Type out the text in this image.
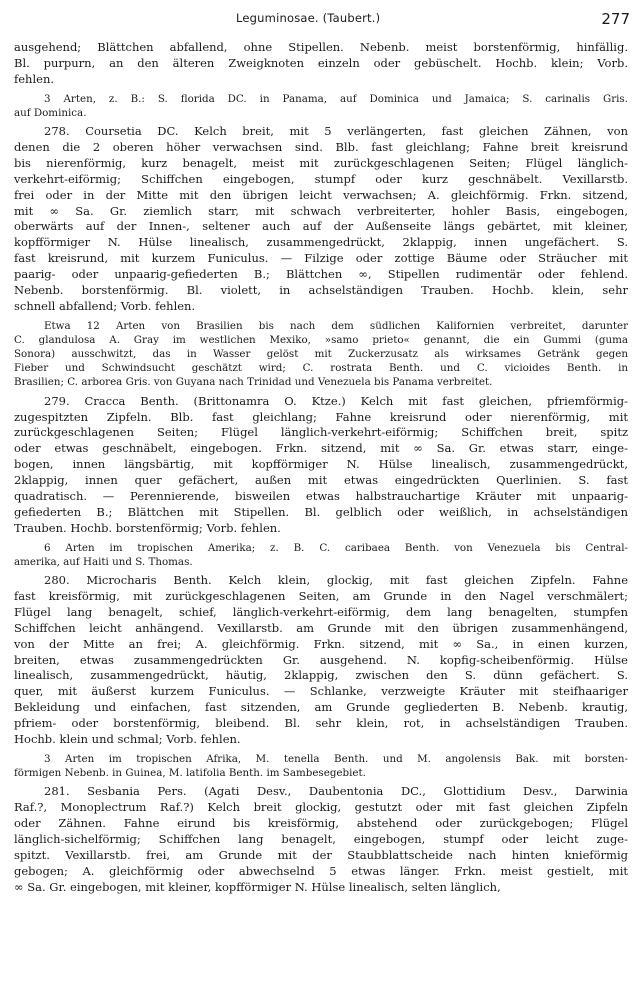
Leguminosae. (Taubert.)	277
ausgehend; Blättchen abfallend, ohne Stipellen. Nebenb. meist borstenförmig, hinfällig.
Bl. purpurn, an den älteren Zweigknoten einzeln oder gebüschelt. Hochb. klein; Vorb.
fehlen.
3 Arten, z. B.: S. florida DC. in Panama, auf Dominica und Jamaica; S. carinalis Gris.
auf Dominica.
278. Coursetia DC. Kelch breit, mit 5 verlängerten, fast gleichen Zähnen, von
denen die 2 oberen höher verwachsen sind. Blb. fast gleichlang; Fahne breit kreisrund
bis nierenförmig, kurz benagelt, meist mit zurückgeschlagenen Seiten; Flügel länglich-
verkehrt-eiförmig; Schiffchen eingebogen, stumpf oder kurz geschnäbelt. Vexillarstb.
frei oder in der Mitte mit den übrigen leicht verwachsen; A. gleichförmig. Frkn. sitzend,
mit ∞ Sa. Gr. ziemlich starr, mit schwach verbreiterter, hohler Basis, eingebogen,
oberwärts auf der Innen-, seltener auch auf der Außenseite längs gebärtet, mit kleiner,
kopfförmiger N. Hülse linealisch, zusammengedrückt, 2klappig, innen ungefächert. S.
fast kreisrund, mit kurzem Funiculus. — Filzige oder zottige Bäume oder Sträucher mit
paarig- oder unpaarig-gefiederten B.; Blättchen ∞, Stipellen rudimentär oder fehlend.
Nebenb. borstenförmig. Bl. violett, in achselständigen Trauben. Hochb. klein, sehr
schnell abfallend; Vorb. fehlen.
Etwa 12 Arten von Brasilien bis nach dem südlichen Kalifornien verbreitet, darunter
C. glandulosa A. Gray im westlichen Mexiko, »samo prieto« genannt, die ein Gummi (guma
Sonora) ausschwitzt, das in Wasser gelöst mit Zuckerzusatz als wirksames Getränk gegen
Fieber und Schwindsucht geschätzt wird; C. rostrata Benth. und C. vicioides Benth. in
Brasilien; C. arborea Gris. von Guyana nach Trinidad und Venezuela bis Panama verbreitet.
279. Cracca Benth. (Brittonamra O. Ktze.) Kelch mit fast gleichen, pfriemförmig-
zugespitzten Zipfeln. Blb. fast gleichlang; Fahne kreisrund oder nierenförmig, mit
zurückgeschlagenen Seiten; Flügel länglich-verkehrt-eiförmig; Schiffchen breit, spitz
oder etwas geschnäbelt, eingebogen. Frkn. sitzend, mit ∞ Sa. Gr. etwas starr, einge-
bogen, innen längsbärtig, mit kopfförmiger N. Hülse linealisch, zusammengedrückt,
2klappig, innen quer gefächert, außen mit etwas eingedrückten Querlinien. S. fast
quadratisch. — Perennierende, bisweilen etwas halbstrauchartige Kräuter mit unpaarig-
gefiederten B.; Blättchen mit Stipellen. Bl. gelblich oder weißlich, in achselständigen
Trauben. Hochb. borstenförmig; Vorb. fehlen.
6 Arten im tropischen Amerika; z. B. C. caribaea Benth. von Venezuela bis Central-
amerika, auf Haiti und S. Thomas.
280. Microcharis Benth. Kelch klein, glockig, mit fast gleichen Zipfeln. Fahne
fast kreisförmig, mit zurückgeschlagenen Seiten, am Grunde in den Nagel verschmälert;
Flügel lang benagelt, schief, länglich-verkehrt-eiförmig, dem lang benagelten, stumpfen
Schiffchen leicht anhängend. Vexillarstb. am Grunde mit den übrigen zusammenhängend,
von der Mitte an frei; A. gleichförmig. Frkn. sitzend, mit ∞ Sa., in einen kurzen,
breiten, etwas zusammengedrückten Gr. ausgehend. N. kopfig-scheibenförmig. Hülse
linealisch, zusammengedrückt, häutig, 2klappig, zwischen den S. dünn gefächert. S.
quer, mit äußerst kurzem Funiculus. — Schlanke, verzweigte Kräuter mit steifhaariger
Bekleidung und einfachen, fast sitzenden, am Grunde gegliederten B. Nebenb. krautig,
pfriem- oder borstenförmig, bleibend. Bl. sehr klein, rot, in achselständigen Trauben.
Hochb. klein und schmal; Vorb. fehlen.
3 Arten im tropischen Afrika, M. tenella Benth. und M. angolensis Bak. mit borsten-
förmigen Nebenb. in Guinea, M. latifolia Benth. im Sambesegebiet.
281. Sesbania Pers. (Agati Desv., Daubentonia DC., Glottidium Desv., Darwinia
Raf.?, Monoplectrum Raf.?) Kelch breit glockig, gestutzt oder mit fast gleichen Zipfeln
oder Zähnen. Fahne eirund bis kreisförmig, abstehend oder zurückgebogen; Flügel
länglich-sichelförmig; Schiffchen lang benagelt, eingebogen, stumpf oder leicht zuge-
spitzt. Vexillarstb. frei, am Grunde mit der Staubblattscheide nach hinten knieförmig
gebogen; A. gleichförmig oder abwechselnd 5 etwas länger. Frkn. meist gestielt, mit
∞ Sa. Gr. eingebogen, mit kleiner, kopfförmiger N. Hülse linealisch, selten länglich,
